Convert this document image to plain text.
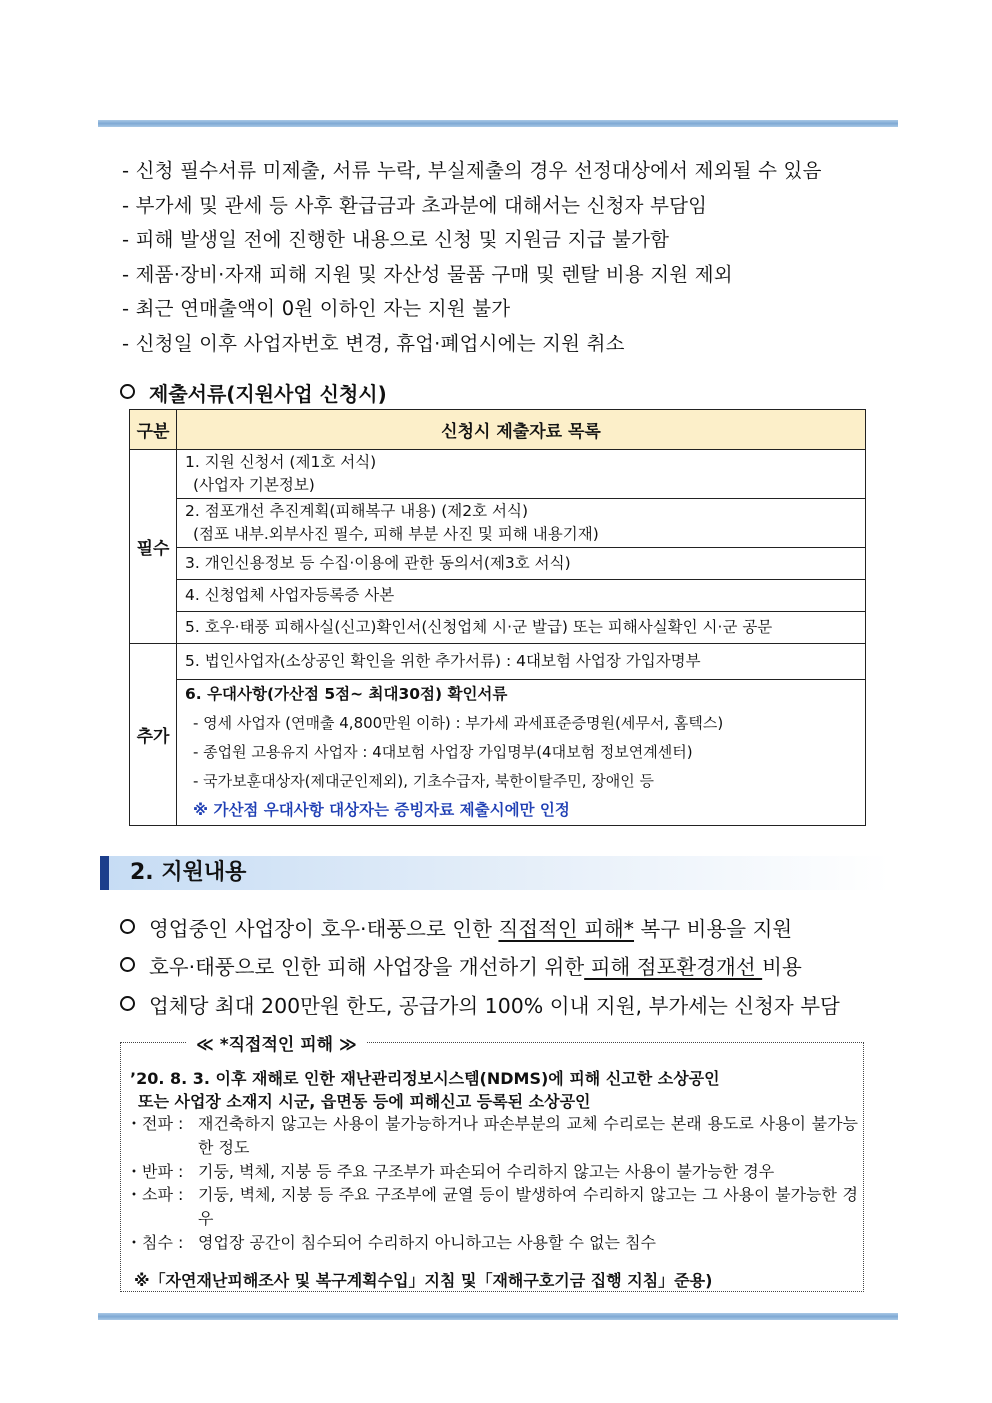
- 신청 필수서류 미제출, 서류 누락, 부실제출의 경우 선정대상에서 제외될 수 있음
- 부가세 및 관세 등 사후 환급금과 초과분에 대해서는 신청자 부담임
- 피해 발생일 전에 진행한 내용으로 신청 및 지원금 지급 불가함
- 제품·장비·자재 피해 지원 및 자산성 물품 구매 및 렌탈 비용 지원 제외
- 최근 연매출액이 0원 이하인 자는 지원 불가
- 신청일 이후 사업자번호 변경, 휴업·폐업시에는 지원 취소
제출서류(지원사업 신청시)
구분	신청시 제출자료 목록
필수	1. 지원 신청서 (제1호 서식)
(사업자 기본정보)

	2. 점포개선 추진계획(피해복구 내용) (제2호 서식)
(점포 내부.외부사진 필수, 피해 부분 사진 및 피해 내용기재)

	3. 개인신용정보 등 수집·이용에 관한 동의서(제3호 서식)

	4. 신청업체 사업자등록증 사본

	5. 호우·태풍 피해사실(신고)확인서(신청업체 시·군 발급) 또는 피해사실확인 시·군 공문

추가	5. 법인사업자(소상공인 확인을 위한 추가서류) : 4대보험 사업장 가입자명부

	6. 우대사항(가산점 5점~ 최대30점) 확인서류
- 영세 사업자 (연매출 4,800만원 이하) : 부가세 과세표준증명원(세무서, 홈텍스)
- 종업원 고용유지 사업자 : 4대보험 사업장 가입명부(4대보험 정보연계센터)
- 국가보훈대상자(제대군인제외), 기초수급자, 북한이탈주민, 장애인 등
※ 가산점 우대사항 대상자는 증빙자료 제출시에만 인정
2. 지원내용
영업중인 사업장이 호우·태풍으로 인한 직접적인 피해* 복구 비용을 지원
호우·태풍으로 인한 피해 사업장을 개선하기 위한 피해 점포환경개선 비용
업체당 최대 200만원 한도, 공급가의 100% 이내 지원, 부가세는 신청자 부담
≪ *직접적인 피해 ≫
’20. 8. 3. 이후 재해로 인한 재난관리정보시스템(NDMS)에 피해 신고한 소상공인
또는 사업장 소재지 시군, 읍면동 등에 피해신고 등록된 소상공인
・전파 : 재건축하지 않고는 사용이 불가능하거나 파손부분의 교체 수리로는 본래 용도로 사용이 불가능한 정도
・반파 : 기둥, 벽체, 지붕 등 주요 구조부가 파손되어 수리하지 않고는 사용이 불가능한 경우
・소파 : 기둥, 벽체, 지붕 등 주요 구조부에 균열 등이 발생하여 수리하지 않고는 그 사용이 불가능한 경우
・침수 : 영업장 공간이 침수되어 수리하지 아니하고는 사용할 수 없는 침수
※「자연재난피해조사 및 복구계획수입」지침 및「재해구호기금 집행 지침」준용)
